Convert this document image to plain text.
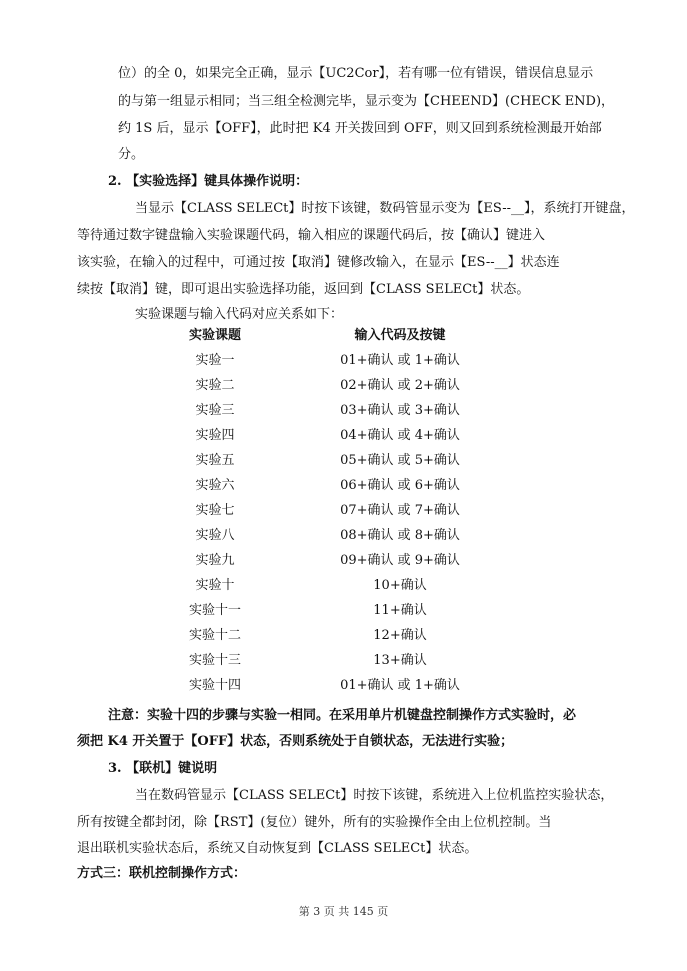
位）的全 0，如果完全正确，显示【UC2Cor】，若有哪一位有错误，错误信息显示
的与第一组显示相同；当三组全检测完毕，显示变为【CHEEND】(CHECK END)，
约 1S 后，显示【OFF】，此时把 K4 开关拨回到 OFF，则又回到系统检测最开始部
分。
2. 【实验选择】键具体操作说明：
当显示【CLASS SELECt】时按下该键，数码管显示变为【ES--__】，系统打开键盘，
等待通过数字键盘输入实验课题代码，输入相应的课题代码后，按【确认】键进入
该实验，在输入的过程中，可通过按【取消】键修改输入，在显示【ES--__】状态连
续按【取消】键，即可退出实验选择功能，返回到【CLASS SELECt】状态。
实验课题与输入代码对应关系如下：
实验课题	输入代码及按键
实验一	01+确认 或 1+确认
实验二	02+确认 或 2+确认
实验三	03+确认 或 3+确认
实验四	04+确认 或 4+确认
实验五	05+确认 或 5+确认
实验六	06+确认 或 6+确认
实验七	07+确认 或 7+确认
实验八	08+确认 或 8+确认
实验九	09+确认 或 9+确认
实验十	10+确认
实验十一	11+确认
实验十二	12+确认
实验十三	13+确认
实验十四	01+确认 或 1+确认
注意：实验十四的步骤与实验一相同。在采用单片机键盘控制操作方式实验时，必
须把 K4 开关置于【OFF】状态，否则系统处于自锁状态，无法进行实验；
3. 【联机】键说明
当在数码管显示【CLASS SELECt】时按下该键，系统进入上位机监控实验状态，
所有按键全都封闭，除【RST】(复位）键外，所有的实验操作全由上位机控制。当
退出联机实验状态后，系统又自动恢复到【CLASS SELECt】状态。
方式三：联机控制操作方式：
第 3 页 共 145 页
